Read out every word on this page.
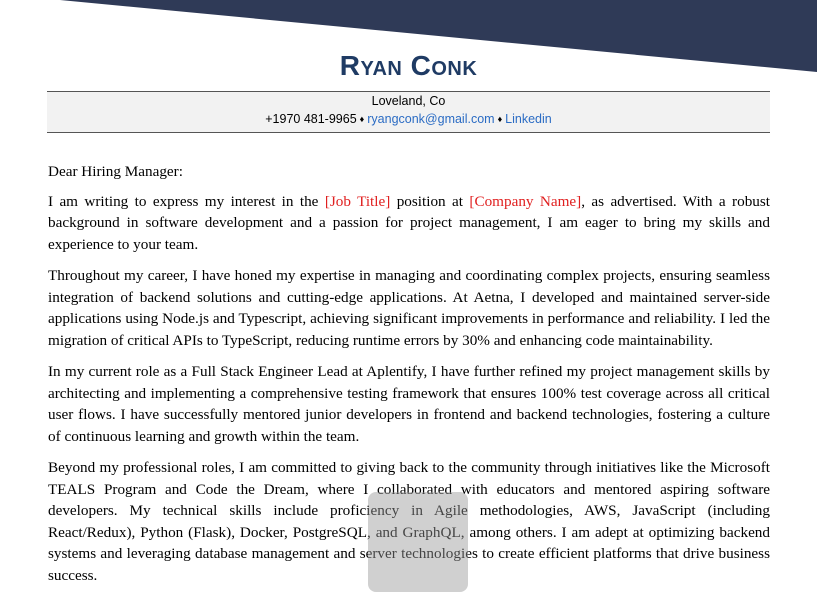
Ryan Conk
Loveland, Co
+1970 481-9965 ♦ ryangconk@gmail.com ♦ Linkedin

Dear Hiring Manager:

I am writing to express my interest in the [Job Title] position at [Company Name], as advertised. With a robust background in software development and a passion for project management, I am eager to bring my skills and experience to your team.

Throughout my career, I have honed my expertise in managing and coordinating complex projects, ensuring seamless integration of backend solutions and cutting-edge applications. At Aetna, I developed and maintained server-side applications using Node.js and Typescript, achieving significant improvements in performance and reliability. I led the migration of critical APIs to TypeScript, reducing runtime errors by 30% and enhancing code maintainability.

In my current role as a Full Stack Engineer Lead at Aplentify, I have further refined my project management skills by architecting and implementing a comprehensive testing framework that ensures 100% test coverage across all critical user flows. I have successfully mentored junior developers in frontend and backend technologies, fostering a culture of continuous learning and growth within the team.

Beyond my professional roles, I am committed to giving back to the community through initiatives like the Microsoft TEALS Program and Code the Dream, where I collaborated with educators and mentored aspiring software developers. My technical skills include proficiency in Agile methodologies, AWS, JavaScript (including React/Redux), Python (Flask), Docker, PostgreSQL, and GraphQL, among others. I am adept at optimizing backend systems and leveraging database management and server technologies to create efficient platforms that drive business success.
